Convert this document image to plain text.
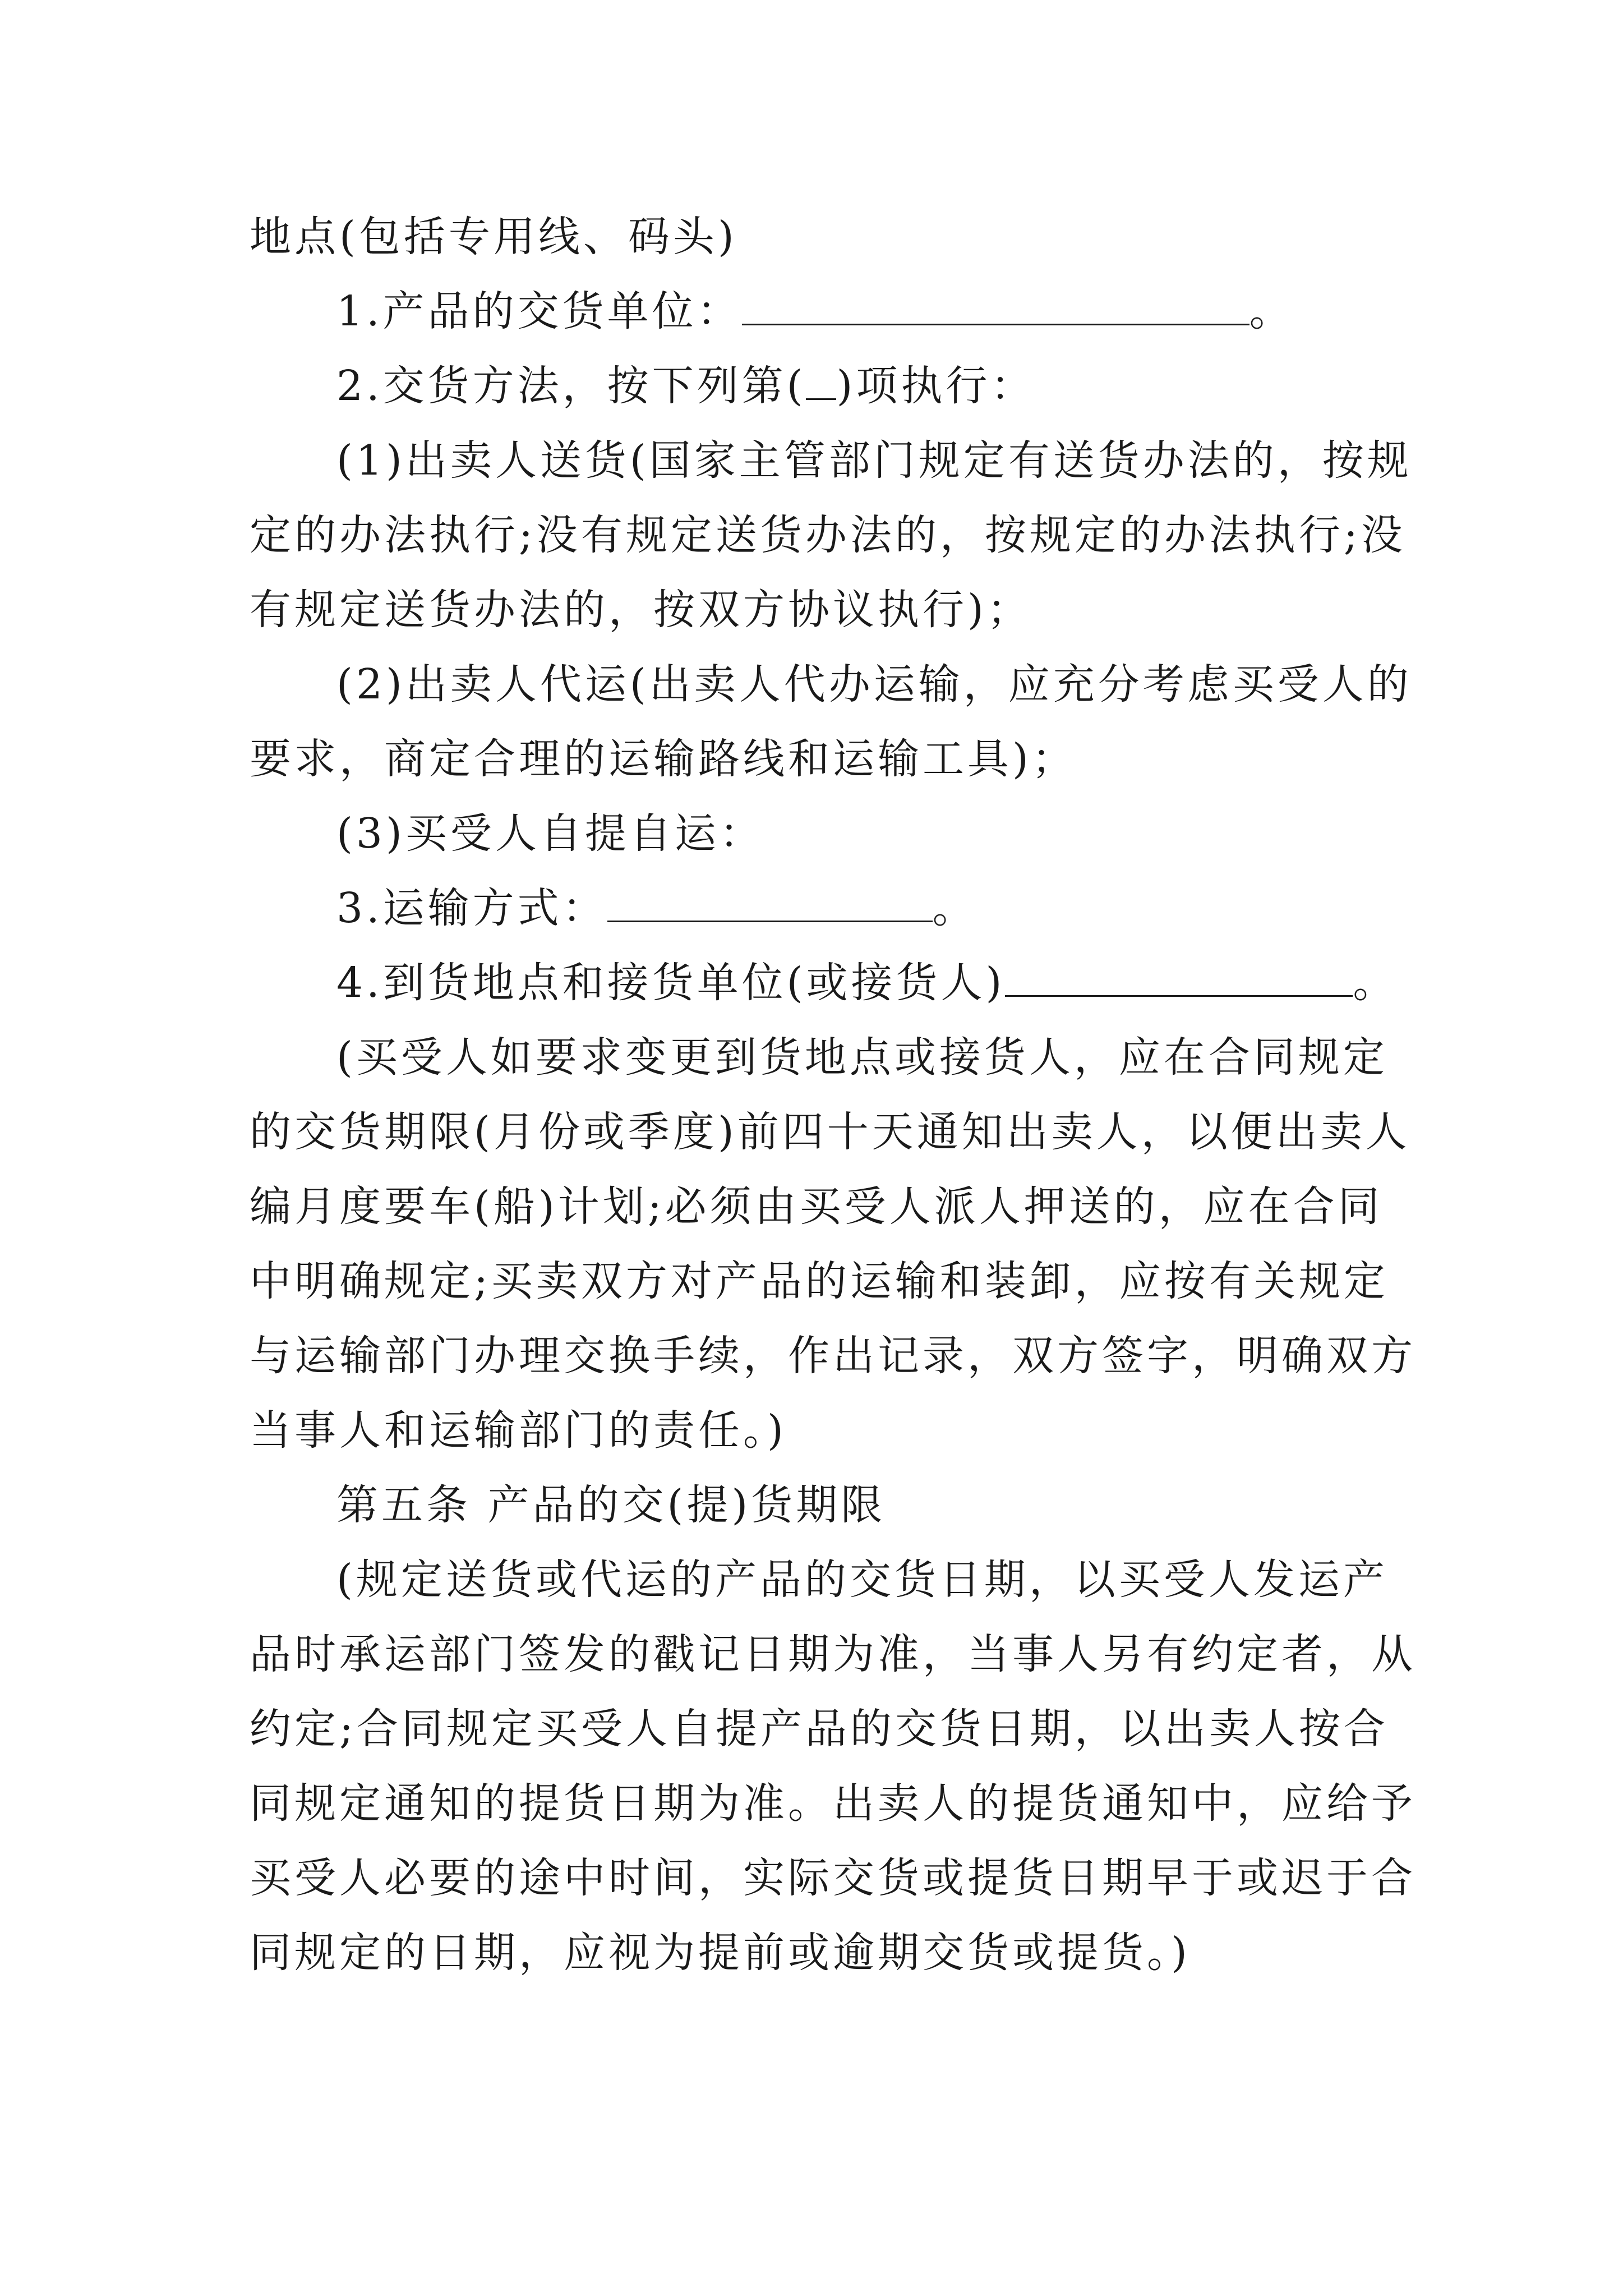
地点(包括专用线、码头)
1.产品的交货单位：	。
2.交货方法，按下列第( )项执行：
(1)出卖人送货(国家主管部门规定有送货办法的，按规
定的办法执行;没有规定送货办法的，按规定的办法执行;没
有规定送货办法的，按双方协议执行)；
(2)出卖人代运(出卖人代办运输，应充分考虑买受人的
要求，商定合理的运输路线和运输工具)；
(3)买受人自提自运：
3.运输方式：	。
4.到货地点和接货单位(或接货人)	。
(买受人如要求变更到货地点或接货人，应在合同规定
的交货期限(月份或季度)前四十天通知出卖人，以便出卖人
编月度要车(船)计划;必须由买受人派人押送的，应在合同
中明确规定;买卖双方对产品的运输和装卸，应按有关规定
与运输部门办理交换手续，作出记录，双方签字，明确双方
当事人和运输部门的责任。)
第五条 产品的交(提)货期限
(规定送货或代运的产品的交货日期，以买受人发运产
品时承运部门签发的戳记日期为准，当事人另有约定者，从
约定;合同规定买受人自提产品的交货日期，以出卖人按合
同规定通知的提货日期为准。出卖人的提货通知中，应给予
买受人必要的途中时间，实际交货或提货日期早于或迟于合
同规定的日期，应视为提前或逾期交货或提货。)
